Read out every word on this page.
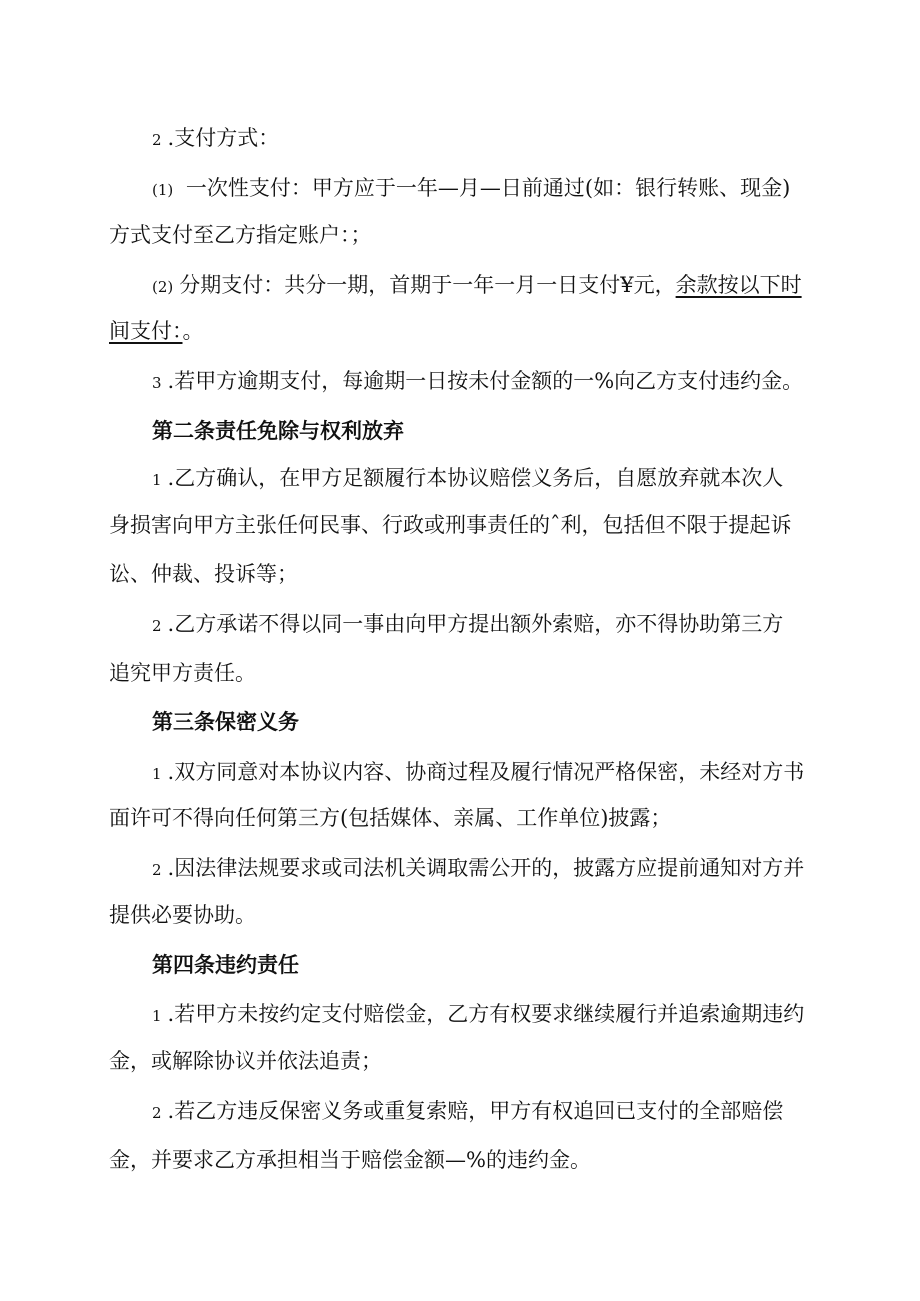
2 .支付方式：
(1) 一次性支付：甲方应于一年—月—日前通过(如：银行转账、现金)
方式支付至乙方指定账户：；
(2) 分期支付：共分一期，首期于一年一月一日支付¥元，余款按以下时
间支付：。
3 .若甲方逾期支付，每逾期一日按未付金额的一%向乙方支付违约金。
第二条责任免除与权利放弃
1 .乙方确认，在甲方足额履行本协议赔偿义务后，自愿放弃就本次人
身损害向甲方主张任何民事、行政或刑事责任的ˆ利，包括但不限于提起诉
讼、仲裁、投诉等；
2 .乙方承诺不得以同一事由向甲方提出额外索赔，亦不得协助第三方
追究甲方责任。
第三条保密义务
1 .双方同意对本协议内容、协商过程及履行情况严格保密，未经对方书
面许可不得向任何第三方(包括媒体、亲属、工作单位)披露；
2 .因法律法规要求或司法机关调取需公开的，披露方应提前通知对方并
提供必要协助。
第四条违约责任
1 .若甲方未按约定支付赔偿金，乙方有权要求继续履行并追索逾期违约
金，或解除协议并依法追责；
2 .若乙方违反保密义务或重复索赔，甲方有权追回已支付的全部赔偿
金，并要求乙方承担相当于赔偿金额—%的违约金。
